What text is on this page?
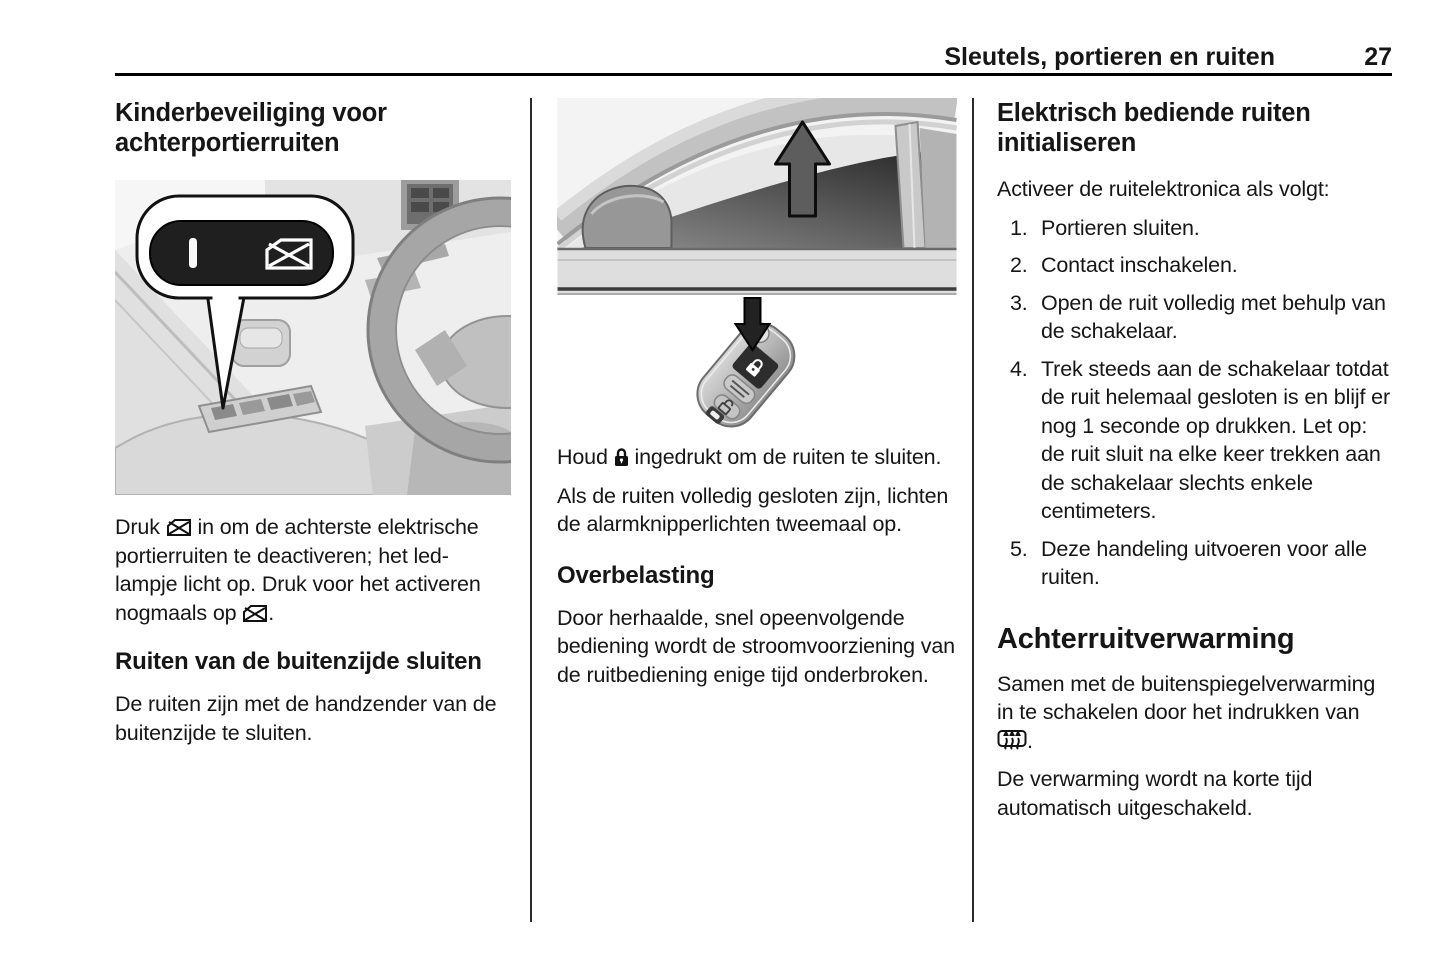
Sleutels, portieren en ruiten	27
Kinderbeveiliging voor achterportierruiten

Druk  in om de achterste elektrische portierruiten te deactiveren; het led-lampje licht op. Druk voor het activeren nogmaals op .

Ruiten van de buitenzijde sluiten

De ruiten zijn met de handzender van de buitenzijde te sluiten.

Houd  ingedrukt om de ruiten te sluiten.

Als de ruiten volledig gesloten zijn, lichten de alarmknipperlichten tweemaal op.

Overbelasting

Door herhaalde, snel opeenvolgende bediening wordt de stroomvoorziening van de ruitbediening enige tijd onderbroken.

Elektrisch bediende ruiten initialiseren

Activeer de ruitelektronica als volgt:

1. Portieren sluiten.
2. Contact inschakelen.
3. Open de ruit volledig met behulp van de schakelaar.
4. Trek steeds aan de schakelaar totdat de ruit helemaal gesloten is en blijf er nog 1 seconde op drukken. Let op: de ruit sluit na elke keer trekken aan de schakelaar slechts enkele centimeters.
5. Deze handeling uitvoeren voor alle ruiten.
Achterruitverwarming

Samen met de buitenspiegelverwarming in te schakelen door het indrukken van .

De verwarming wordt na korte tijd automatisch uitgeschakeld.
